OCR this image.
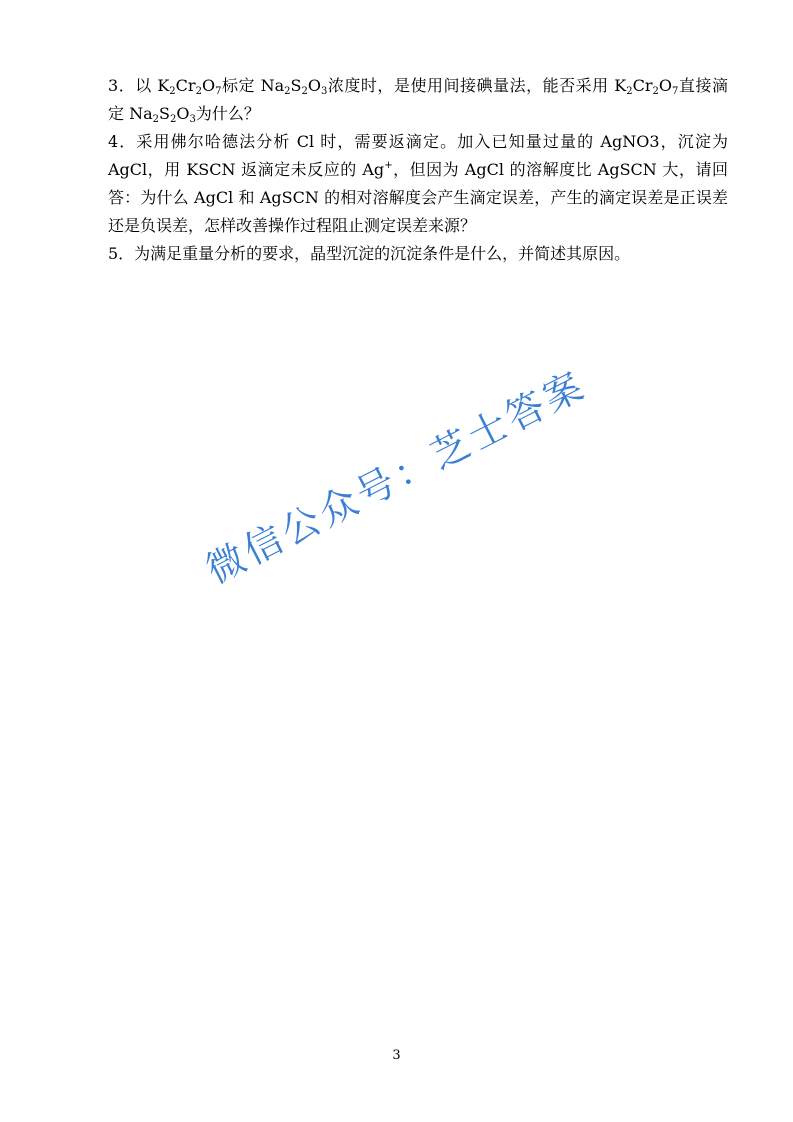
3．以 $K_2Cr_2O_7$标定 $Na_2S_2O_3$浓度时，是使用间接碘量法，能否采用 $K_2Cr_2O_7$直接滴定 $Na_2S_2O_3$为什么？

4．采用佛尔哈德法分析 Cl 时，需要返滴定。加入已知量过量的 AgNO3，沉淀为 AgCl，用 KSCN 返滴定未反应的 Ag+，但因为 AgCl 的溶解度比 AgSCN 大，请回答：为什么 AgCl 和 AgSCN 的相对溶解度会产生滴定误差，产生的滴定误差是正误差还是负误差，怎样改善操作过程阻止测定误差来源？

5．为满足重量分析的要求，晶型沉淀的沉淀条件是什么，并简述其原因。

微信公众号：芝士答案
3
